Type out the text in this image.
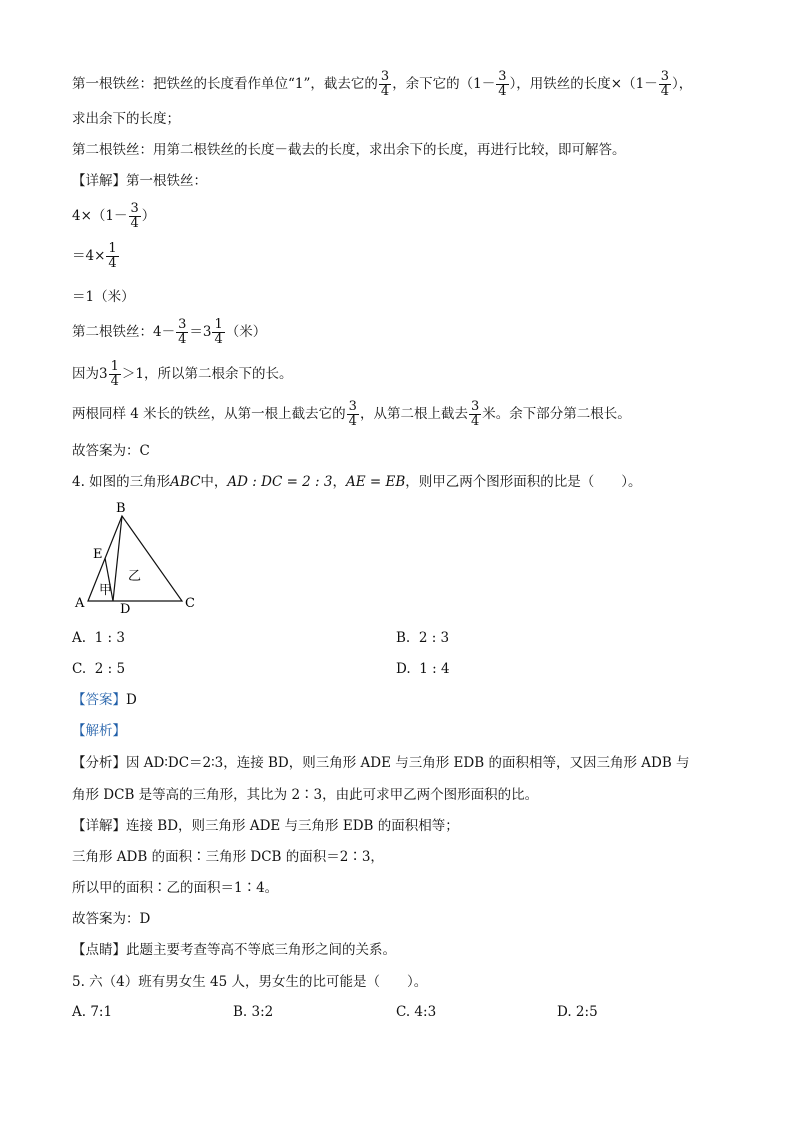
第一根铁丝：把铁丝的长度看作单位“1”，截去它的 $\frac{3}{4}$ ，余下它的（$1- \frac{3}{4}$ ），用铁丝的长度$\times(1- \frac{3}{4}$ ），
求出余下的长度；
第二根铁丝：用第二根铁丝的长度－截去的长度，求出余下的长度，再进行比较，即可解答。
【详解】第一根铁丝：
$4\times(1- \frac{3}{4}$ ）
$=4\times \frac{1}{4}$
＝1（米）
第二根铁丝：$4- \frac{3}{4} =3 \frac{1}{4}$ （米）
因为$3 \frac{1}{4} >1$，所以第二根余下的长。
两根同样 4 米长的铁丝，从第一根上截去它的 $\frac{3}{4}$ ，从第二根上截去 $\frac{3}{4}$ 米。余下部分第二根长。
故答案为：C
4. 如图的三角形ABC中，AD : DC = 2 : 3，AE = EB，则甲乙两个图形面积的比是（　　）。
B
E
A	D	C
甲
乙
A. 1 : 3	B. 2 : 3
C. 2 : 5	D. 1 : 4
【答案】D
【解析】
【分析】因 AD∶DC＝2∶3，连接 BD，则三角形 ADE 与三角形 EDB 的面积相等，又因三角形 ADB 与
角形 DCB 是等高的三角形，其比为 2∶3，由此可求甲乙两个图形面积的比。
【详解】连接 BD，则三角形 ADE 与三角形 EDB 的面积相等；
三角形 ADB 的面积∶三角形 DCB 的面积＝2∶3，
所以甲的面积∶乙的面积＝1∶4。
故答案为：D
【点睛】此题主要考查等高不等底三角形之间的关系。
5. 六（4）班有男女生 45 人，男女生的比可能是（　　）。
A. 7:1	B. 3:2	C. 4:3	D. 2:5
